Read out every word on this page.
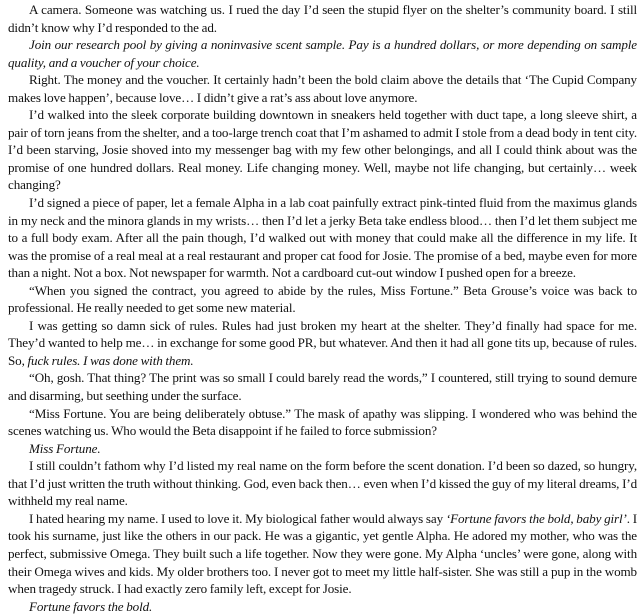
A camera. Someone was watching us. I rued the day I’d seen the stupid flyer on the shelter’s community board. I still didn’t know why I’d responded to the ad.

Join our research pool by giving a noninvasive scent sample. Pay is a hundred dollars, or more depending on sample quality, and a voucher of your choice.

Right. The money and the voucher. It certainly hadn’t been the bold claim above the details that ‘The Cupid Company makes love happen’, because love… I didn’t give a rat’s ass about love anymore.

I’d walked into the sleek corporate building downtown in sneakers held together with duct tape, a long sleeve shirt, a pair of torn jeans from the shelter, and a too-large trench coat that I’m ashamed to admit I stole from a dead body in tent city. I’d been starving, Josie shoved into my messenger bag with my few other belongings, and all I could think about was the promise of one hundred dollars. Real money. Life changing money. Well, maybe not life changing, but certainly… week changing?

I’d signed a piece of paper, let a female Alpha in a lab coat painfully extract pink-tinted fluid from the maximus glands in my neck and the minora glands in my wrists… then I’d let a jerky Beta take endless blood… then I’d let them subject me to a full body exam. After all the pain though, I’d walked out with money that could make all the difference in my life. It was the promise of a real meal at a real restaurant and proper cat food for Josie. The promise of a bed, maybe even for more than a night. Not a box. Not newspaper for warmth. Not a cardboard cut-out window I pushed open for a breeze.

“When you signed the contract, you agreed to abide by the rules, Miss Fortune.” Beta Grouse’s voice was back to professional. He really needed to get some new material.

I was getting so damn sick of rules. Rules had just broken my heart at the shelter. They’d finally had space for me. They’d wanted to help me… in exchange for some good PR, but whatever. And then it had all gone tits up, because of rules. So, fuck rules. I was done with them.

“Oh, gosh. That thing? The print was so small I could barely read the words,” I countered, still trying to sound demure and disarming, but seething under the surface.

“Miss Fortune. You are being deliberately obtuse.” The mask of apathy was slipping. I wondered who was behind the scenes watching us. Who would the Beta disappoint if he failed to force submission?

Miss Fortune.

I still couldn’t fathom why I’d listed my real name on the form before the scent donation. I’d been so dazed, so hungry, that I’d just written the truth without thinking. God, even back then… even when I’d kissed the guy of my literal dreams, I’d withheld my real name.

I hated hearing my name. I used to love it. My biological father would always say ‘Fortune favors the bold, baby girl’. I took his surname, just like the others in our pack. He was a gigantic, yet gentle Alpha. He adored my mother, who was the perfect, submissive Omega. They built such a life together. Now they were gone. My Alpha ‘uncles’ were gone, along with their Omega wives and kids. My older brothers too. I never got to meet my little half-sister. She was still a pup in the womb when tragedy struck. I had exactly zero family left, except for Josie.

Fortune favors the bold.
